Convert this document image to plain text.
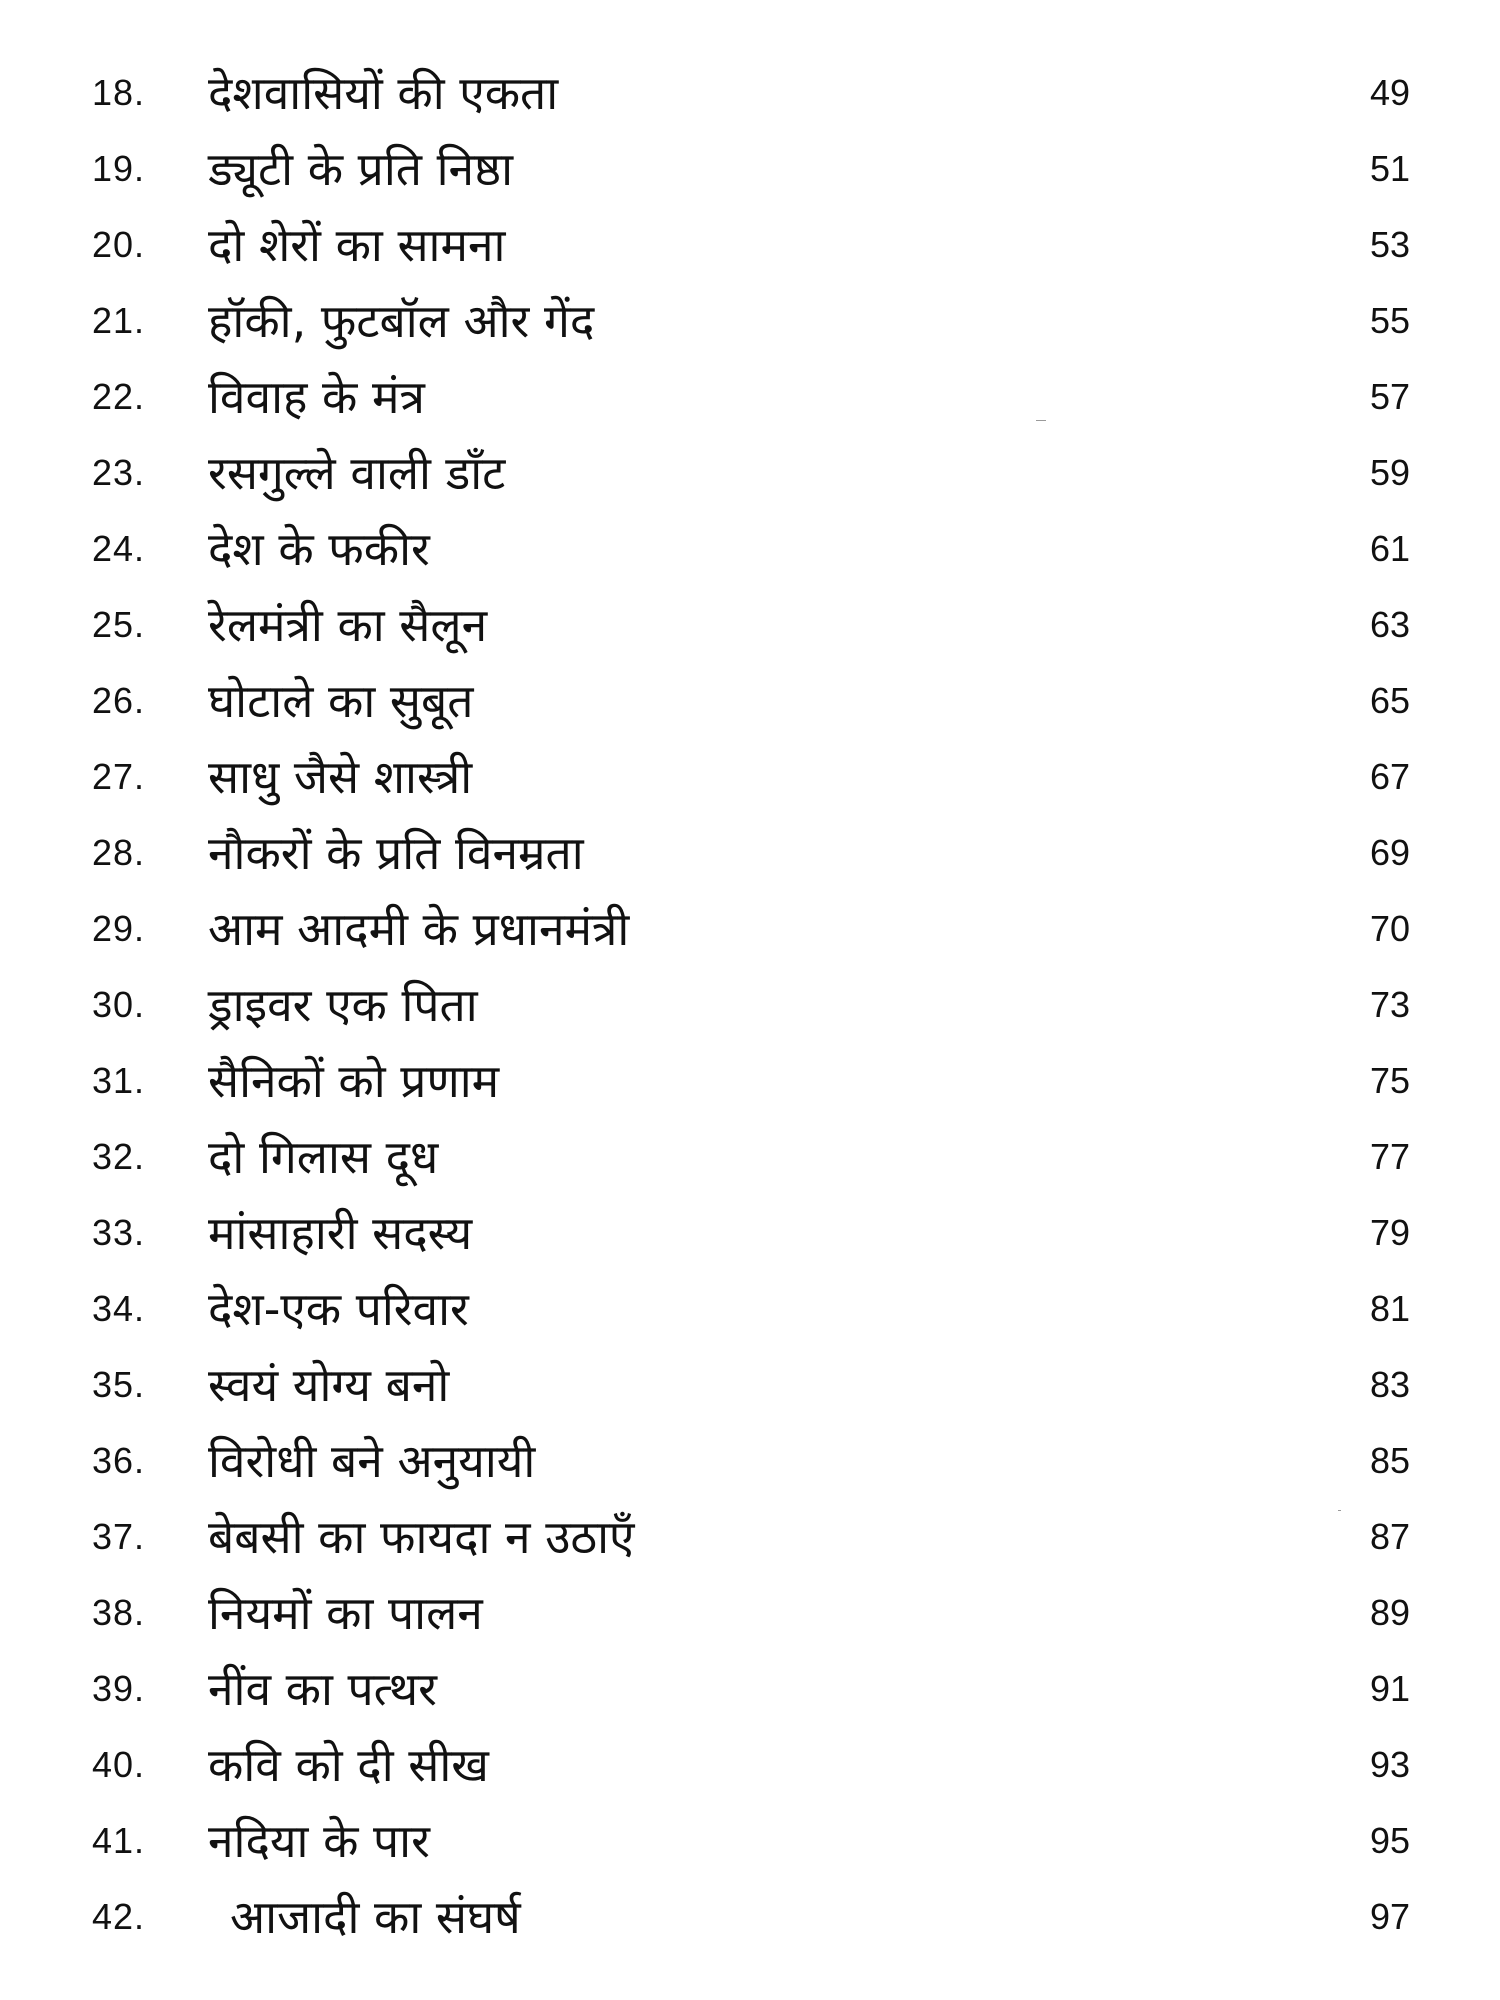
18.	देशवासियों की एकता	49
19.	ड्यूटी के प्रति निष्ठा	51
20.	दो शेरों का सामना	53
21.	हॉकी, फुटबॉल और गेंद	55
22.	विवाह के मंत्र	57
23.	रसगुल्ले वाली डाँट	59
24.	देश के फकीर	61
25.	रेलमंत्री का सैलून	63
26.	घोटाले का सुबूत	65
27.	साधु जैसे शास्त्री	67
28.	नौकरों के प्रति विनम्रता	69
29.	आम आदमी के प्रधानमंत्री	70
30.	ड्राइवर एक पिता	73
31.	सैनिकों को प्रणाम	75
32.	दो गिलास दूध	77
33.	मांसाहारी सदस्य	79
34.	देश-एक परिवार	81
35.	स्वयं योग्य बनो	83
36.	विरोधी बने अनुयायी	85
37.	बेबसी का फायदा न उठाएँ	87
38.	नियमों का पालन	89
39.	नींव का पत्थर	91
40.	कवि को दी सीख	93
41.	नदिया के पार	95
42.	आजादी का संघर्ष	97
